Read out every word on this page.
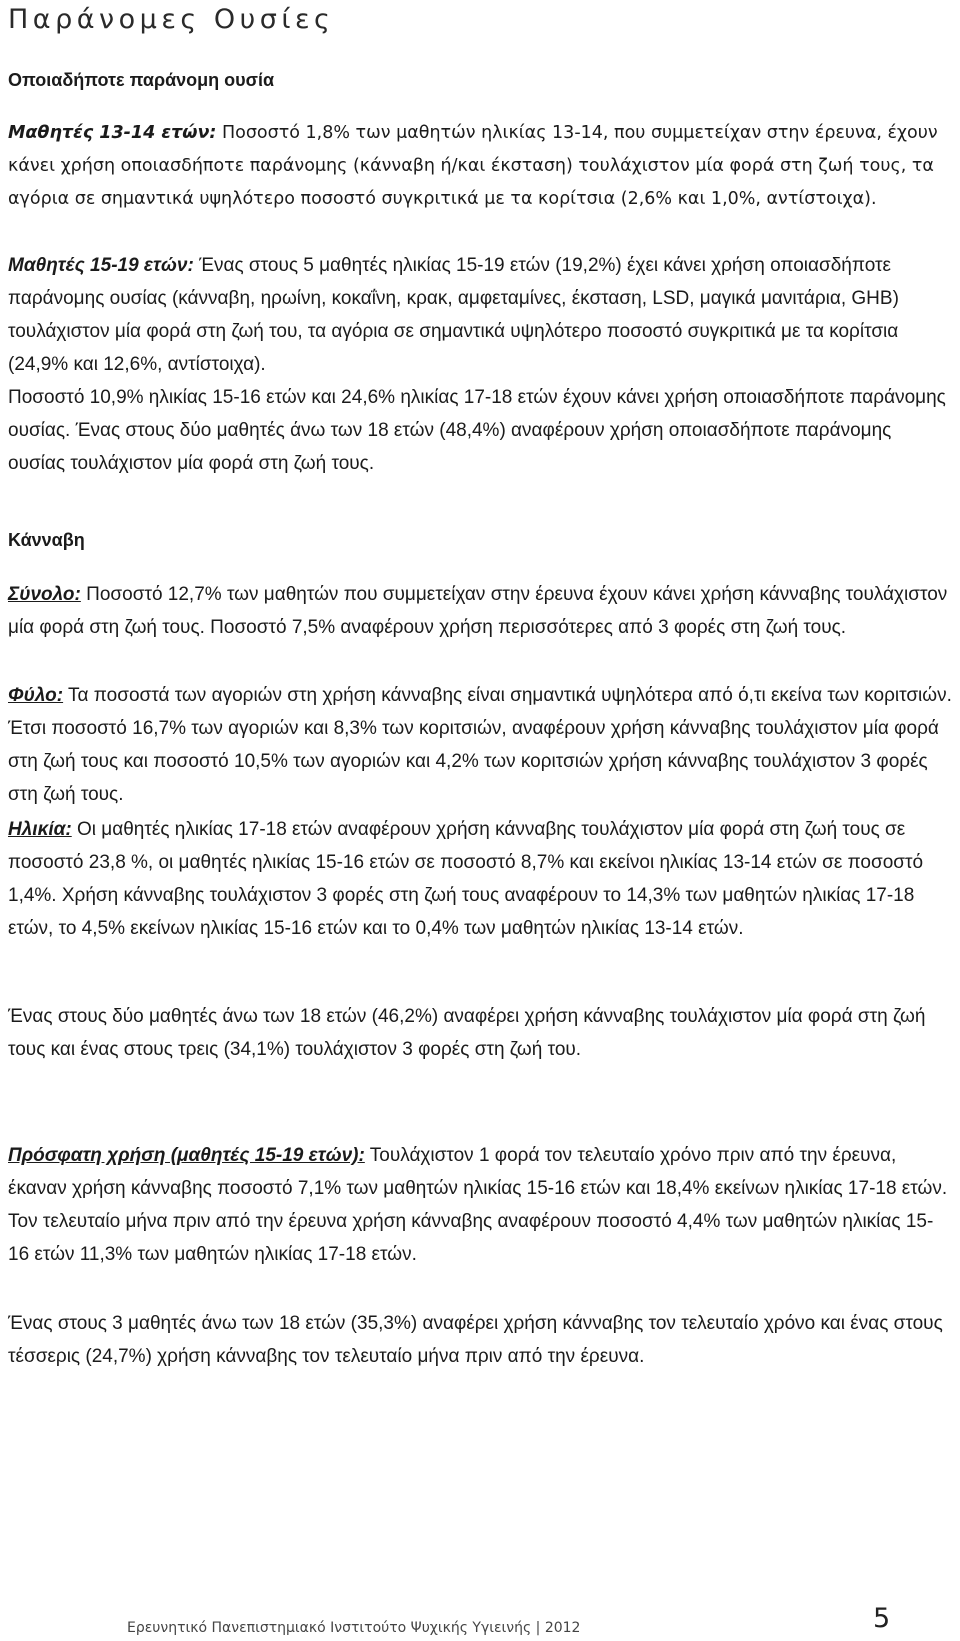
Παράνομες Ουσίες
Οποιαδήποτε παράνομη ουσία

Μαθητές 13-14 ετών: Ποσοστό 1,8% των μαθητών ηλικίας 13-14, που συμμετείχαν στην έρευνα, έχουν κάνει χρήση οποιασδήποτε παράνομης (κάνναβη ή/και έκσταση) τουλάχιστον μία φορά στη ζωή τους, τα αγόρια σε σημαντικά υψηλότερο ποσοστό συγκριτικά με τα κορίτσια (2,6% και 1,0%, αντίστοιχα).

Μαθητές 15-19 ετών: Ένας στους 5 μαθητές ηλικίας 15-19 ετών (19,2%) έχει κάνει χρήση οποιασδήποτε παράνομης ουσίας (κάνναβη, ηρωίνη, κοκαΐνη, κρακ, αμφεταμίνες, έκσταση, LSD, μαγικά μανιτάρια, GHB) τουλάχιστον μία φορά στη ζωή του, τα αγόρια σε σημαντικά υψηλότερο ποσοστό συγκριτικά με τα κορίτσια (24,9% και 12,6%, αντίστοιχα).

Ποσοστό 10,9% ηλικίας 15-16 ετών και 24,6% ηλικίας 17-18 ετών έχουν κάνει χρήση οποιασδήποτε παράνομης ουσίας. Ένας στους δύο μαθητές άνω των 18 ετών (48,4%) αναφέρουν χρήση οποιασδήποτε παράνομης ουσίας τουλάχιστον μία φορά στη ζωή τους.

Κάνναβη

Σύνολο: Ποσοστό 12,7% των μαθητών που συμμετείχαν στην έρευνα έχουν κάνει χρήση κάνναβης τουλάχιστον μία φορά στη ζωή τους. Ποσοστό 7,5% αναφέρουν χρήση περισσότερες από 3 φορές στη ζωή τους.

Φύλο: Τα ποσοστά των αγοριών στη χρήση κάνναβης είναι σημαντικά υψηλότερα από ό,τι εκείνα των κοριτσιών. Έτσι ποσοστό 16,7% των αγοριών και 8,3% των κοριτσιών, αναφέρουν χρήση κάνναβης τουλάχιστον μία φορά στη ζωή τους και ποσοστό 10,5% των αγοριών και 4,2% των κοριτσιών χρήση κάνναβης τουλάχιστον 3 φορές στη ζωή τους.

Ηλικία: Οι μαθητές ηλικίας 17-18 ετών αναφέρουν χρήση κάνναβης τουλάχιστον μία φορά στη ζωή τους σε ποσοστό 23,8 %, οι μαθητές ηλικίας 15-16 ετών σε ποσοστό 8,7% και εκείνοι ηλικίας 13-14 ετών σε ποσοστό 1,4%. Χρήση κάνναβης τουλάχιστον 3 φορές στη ζωή τους αναφέρουν το 14,3% των μαθητών ηλικίας 17-18 ετών, το 4,5% εκείνων ηλικίας 15-16 ετών και το 0,4% των μαθητών ηλικίας 13-14 ετών.

Ένας στους δύο μαθητές άνω των 18 ετών (46,2%) αναφέρει χρήση κάνναβης τουλάχιστον μία φορά στη ζωή τους και ένας στους τρεις (34,1%) τουλάχιστον 3 φορές στη ζωή του.

Πρόσφατη χρήση (μαθητές 15-19 ετών): Τουλάχιστον 1 φορά τον τελευταίο χρόνο πριν από την έρευνα, έκαναν χρήση κάνναβης ποσοστό 7,1% των μαθητών ηλικίας 15-16 ετών και 18,4% εκείνων ηλικίας 17-18 ετών. Τον τελευταίο μήνα πριν από την έρευνα χρήση κάνναβης αναφέρουν ποσοστό 4,4% των μαθητών ηλικίας 15-16 ετών 11,3% των μαθητών ηλικίας 17-18 ετών.

Ένας στους 3 μαθητές άνω των 18 ετών (35,3%) αναφέρει χρήση κάνναβης τον τελευταίο χρόνο και ένας στους τέσσερις (24,7%) χρήση κάνναβης τον τελευταίο μήνα πριν από την έρευνα.

Ερευνητικό Πανεπιστημιακό Ινστιτούτο Ψυχικής Υγιεινής | 2012	5
